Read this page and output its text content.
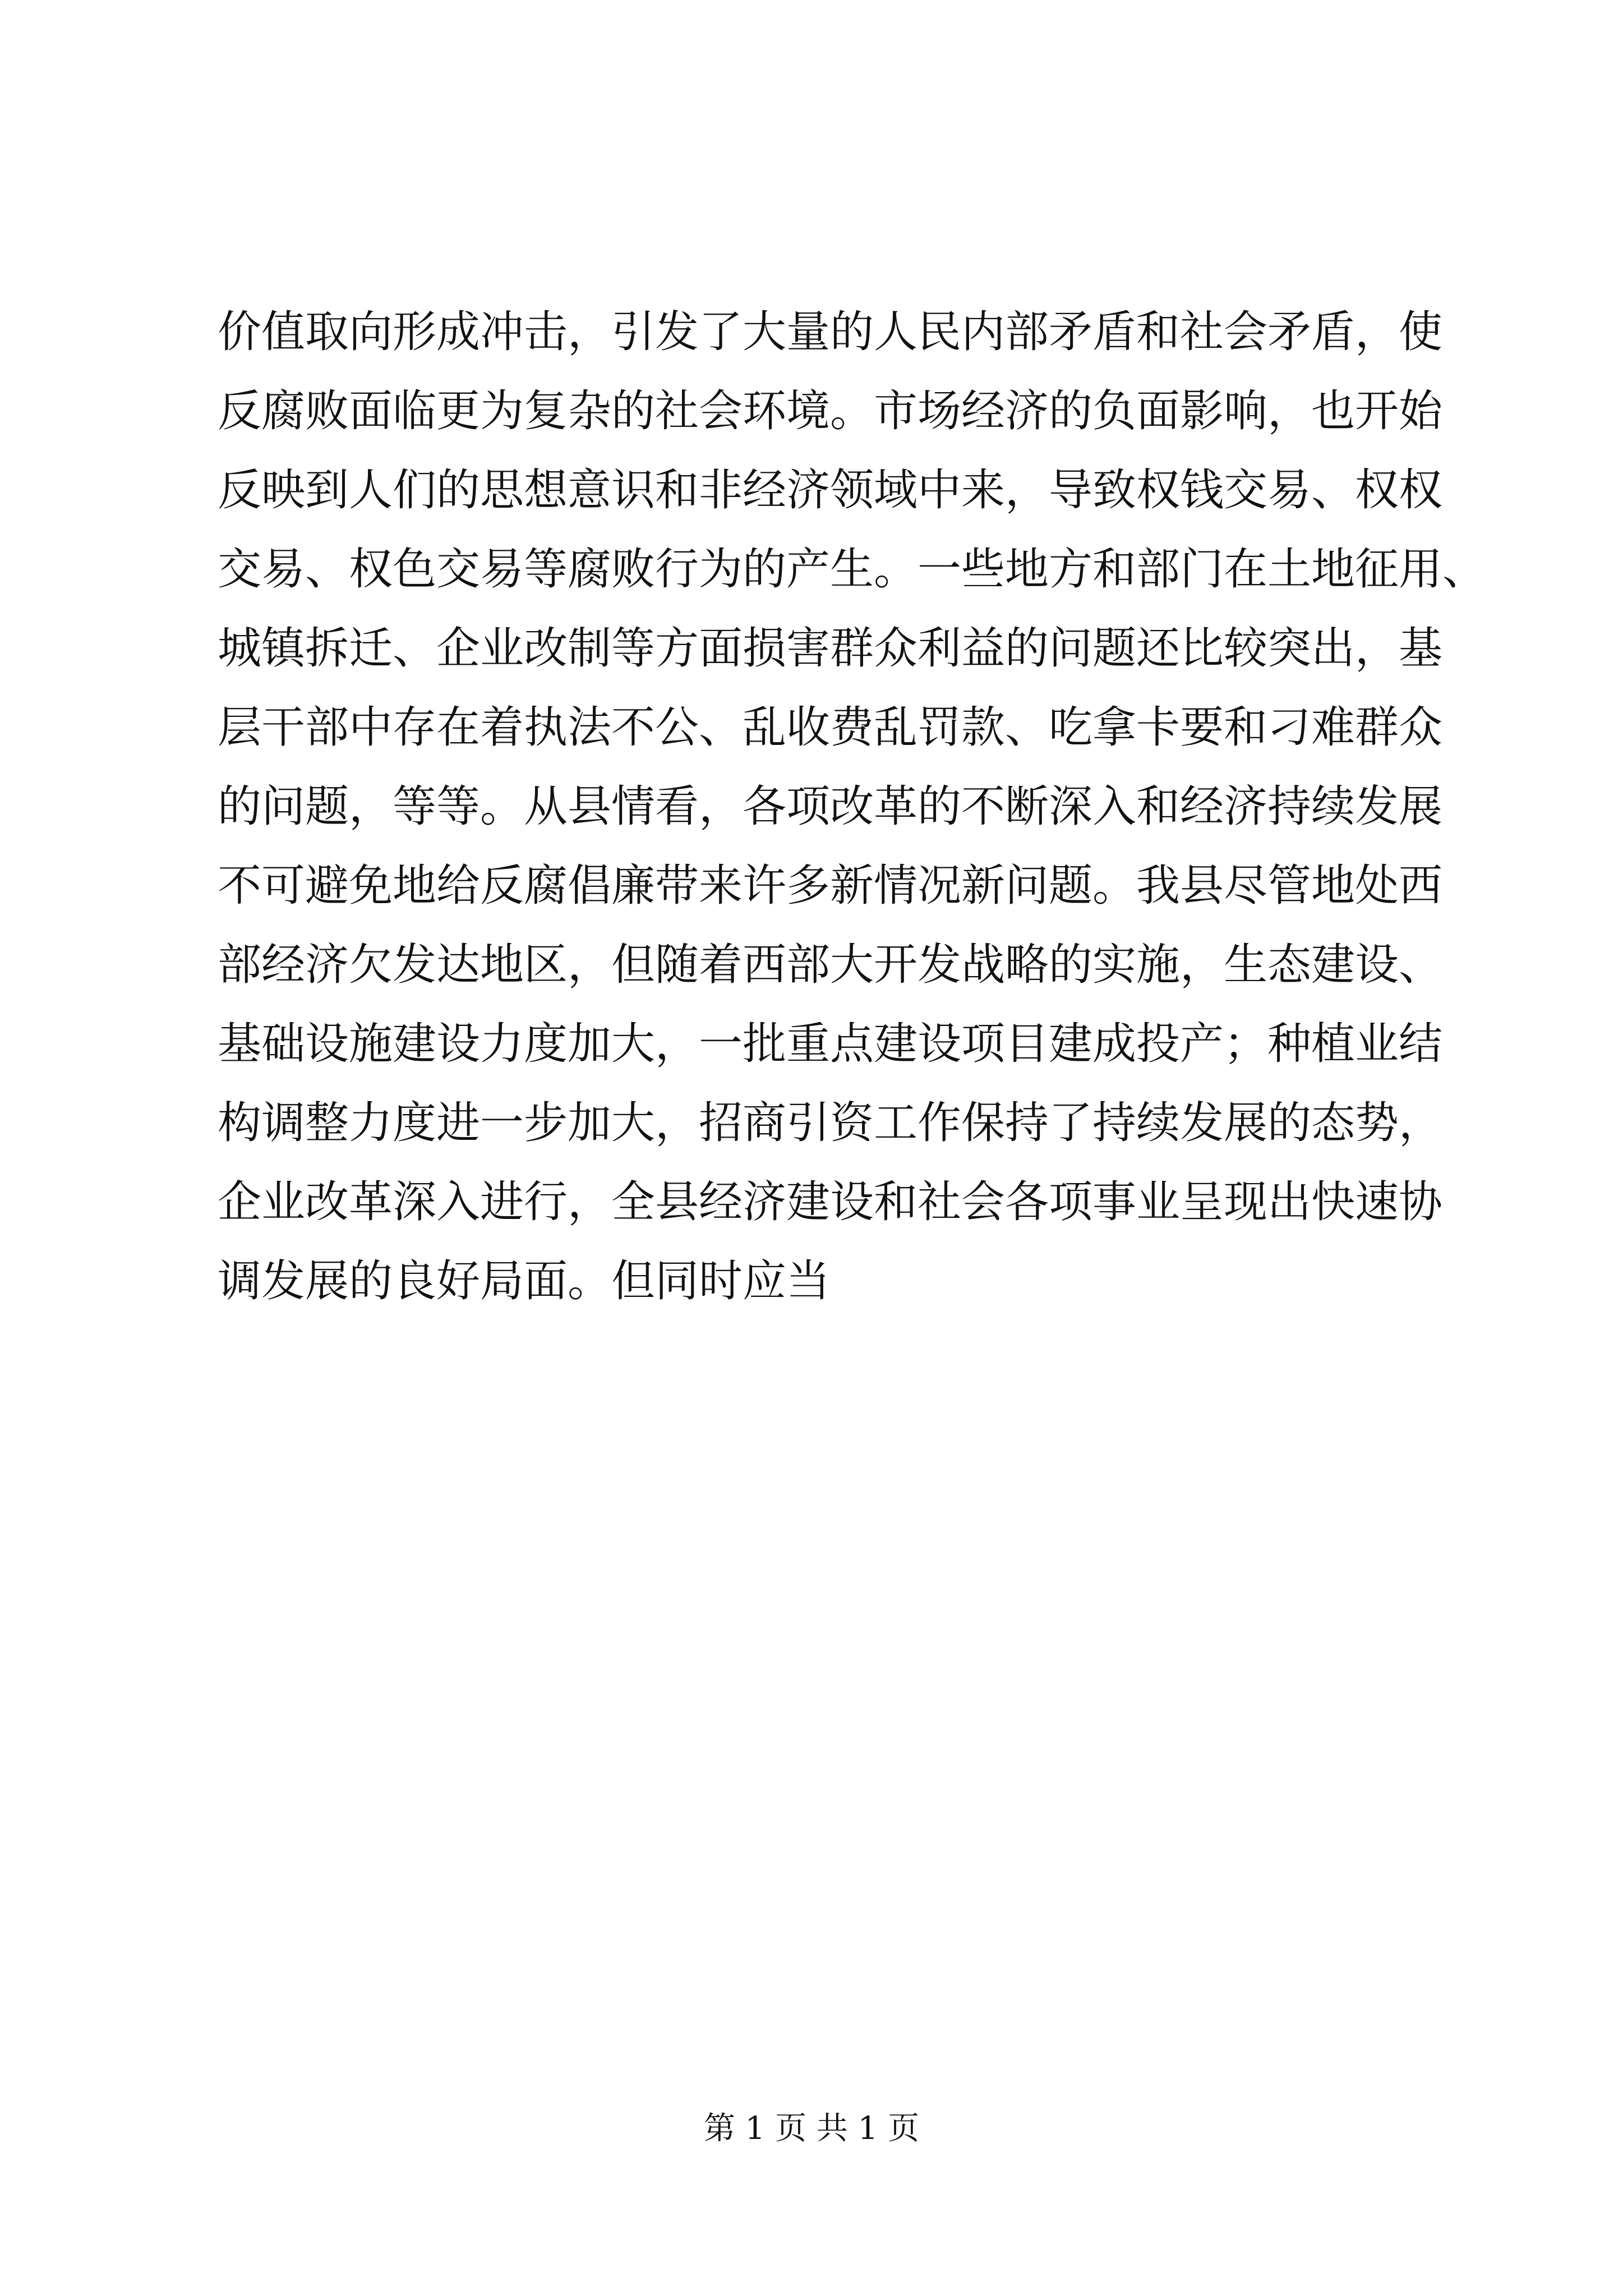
价值取向形成冲击，引发了大量的人民内部矛盾和社会矛盾，使
反腐败面临更为复杂的社会环境。市场经济的负面影响，也开始
反映到人们的思想意识和非经济领域中来，导致权钱交易、权权
交易、权色交易等腐败行为的产生。一些地方和部门在土地征用、
城镇拆迁、企业改制等方面损害群众利益的问题还比较突出，基
层干部中存在着执法不公、乱收费乱罚款、吃拿卡要和刁难群众
的问题，等等。从县情看，各项改革的不断深入和经济持续发展
不可避免地给反腐倡廉带来许多新情况新问题。我县尽管地处西
部经济欠发达地区，但随着西部大开发战略的实施，生态建设、
基础设施建设力度加大，一批重点建设项目建成投产；种植业结
构调整力度进一步加大，招商引资工作保持了持续发展的态势，
企业改革深入进行，全县经济建设和社会各项事业呈现出快速协
调发展的良好局面。但同时应当
第 1 页 共 1 页
